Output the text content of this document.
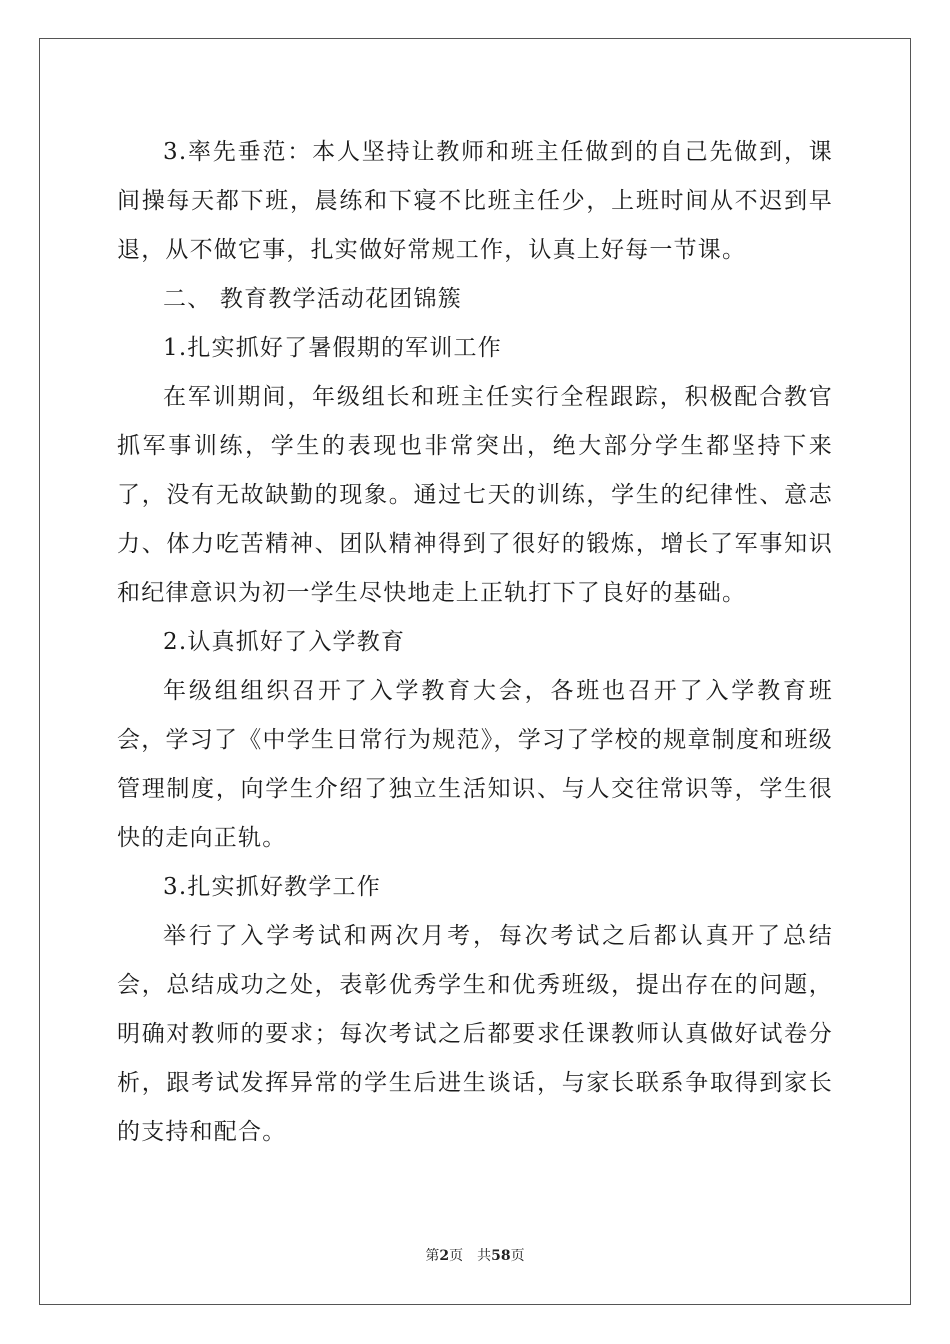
3.率先垂范：本人坚持让教师和班主任做到的自己先做到，课间操每天都下班，晨练和下寝不比班主任少，上班时间从不迟到早退，从不做它事，扎实做好常规工作，认真上好每一节课。

二、 教育教学活动花团锦簇

1.扎实抓好了暑假期的军训工作

在军训期间，年级组长和班主任实行全程跟踪，积极配合教官抓军事训练，学生的表现也非常突出，绝大部分学生都坚持下来了，没有无故缺勤的现象。通过七天的训练，学生的纪律性、意志力、体力吃苦精神、团队精神得到了很好的锻炼，增长了军事知识和纪律意识为初一学生尽快地走上正轨打下了良好的基础。

2.认真抓好了入学教育

年级组组织召开了入学教育大会，各班也召开了入学教育班会，学习了《中学生日常行为规范》，学习了学校的规章制度和班级管理制度，向学生介绍了独立生活知识、与人交往常识等，学生很快的走向正轨。

3.扎实抓好教学工作

举行了入学考试和两次月考，每次考试之后都认真开了总结会，总结成功之处，表彰优秀学生和优秀班级，提出存在的问题，明确对教师的要求；每次考试之后都要求任课教师认真做好试卷分析，跟考试发挥异常的学生后进生谈话，与家长联系争取得到家长的支持和配合。

第2页　共58页
